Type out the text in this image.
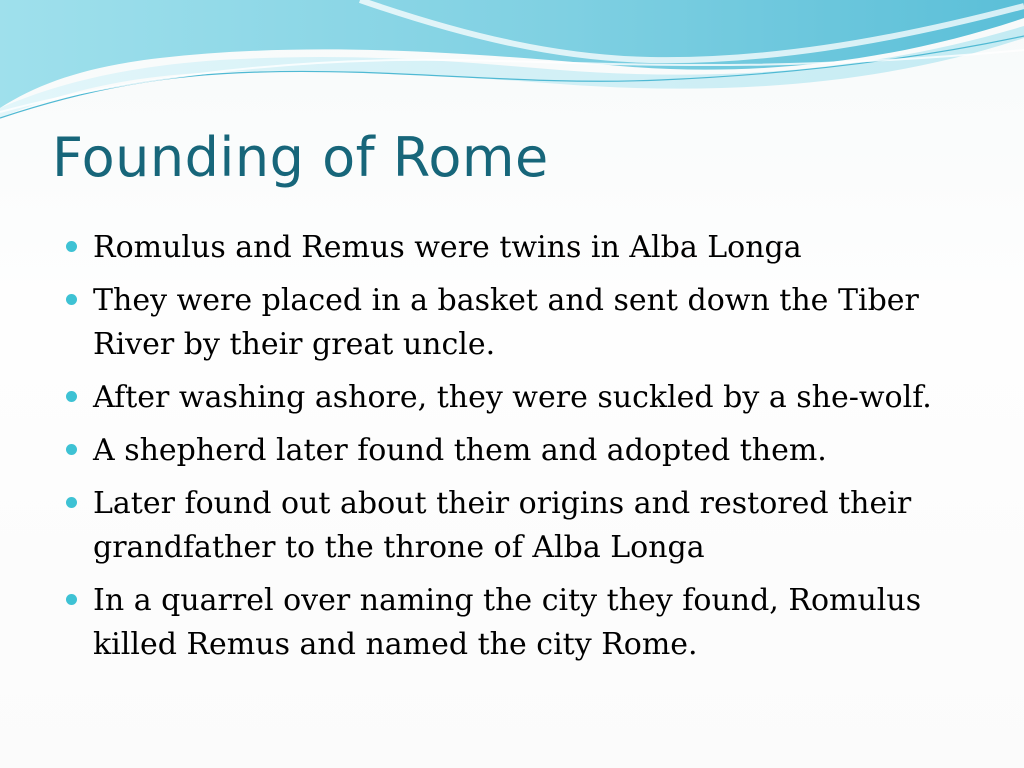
Founding of Rome
Romulus and Remus were twins in Alba Longa
They were placed in a basket and sent down the Tiber River by their great uncle.
After washing ashore, they were suckled by a she-wolf.
A shepherd later found them and adopted them.
Later found out about their origins and restored their grandfather to the throne of Alba Longa
In a quarrel over naming the city they found, Romulus killed Remus and named the city Rome.
